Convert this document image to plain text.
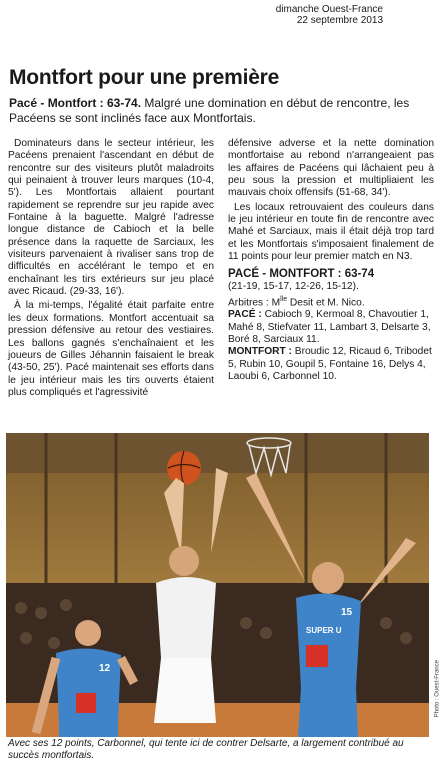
dimanche Ouest-France
22 septembre 2013
Montfort pour une première
Pacé - Montfort : 63-74. Malgré une domination en début de rencontre, les Pacéens se sont inclinés face aux Montfortais.

Dominateurs dans le secteur intérieur, les Pacéens prenaient l'ascendant en début de rencontre sur des visiteurs plutôt maladroits qui peinaient à trouver leurs marques (10-4, 5'). Les Montfortais allaient pourtant rapidement se reprendre sur jeu rapide avec Fontaine à la baguette. Malgré l'adresse longue distance de Cabioch et la belle présence dans la raquette de Sarciaux, les visiteurs parvenaient à rivaliser sans trop de difficultés en accélérant le tempo et en enchaînant les tirs extérieurs sur jeu placé avec Ricaud. (29-33, 16').

À la mi-temps, l'égalité était parfaite entre les deux formations. Montfort accentuait sa pression défensive au retour des vestiaires. Les ballons gagnés s'enchaînaient et les joueurs de Gilles Jéhannin faisaient le break (43-50, 25'). Pacé maintenait ses efforts dans le jeu intérieur mais les tirs ouverts étaient plus compliqués et l'agressivité

défensive adverse et la nette domination montfortaise au rebond n'arrangeaient pas les affaires de Pacéens qui lâchaient peu à peu sous la pression et multipliaient les mauvais choix offensifs (51-68, 34').

Les locaux retrouvaient des couleurs dans le jeu intérieur en toute fin de rencontre avec Mahé et Sarciaux, mais il était déjà trop tard et les Montfortais s'imposaient finalement de 11 points pour leur premier match en N3.

PACÉ - MONTFORT : 63-74

(21-19, 15-17, 12-26, 15-12).

Arbitres : $M^{lle}$ Desit et M. Nico.

PACÉ : Cabioch 9, Kermoal 8, Chavoutier 1, Mahé 8, Stiefvater 11, Lambart 3, Delsarte 3, Boré 8, Sarciaux 11.

MONTFORT : Broudic 12, Ricaud 6, Tribodet 5, Rubin 10, Goupil 5, Fontaine 16, Delys 4, Laoubi 6, Carbonnel 10.

15
SUPER U
12	Photo : Ouest-France
Avec ses 12 points, Carbonnel, qui tente ici de contrer Delsarte, a largement contribué au succès montfortais.
